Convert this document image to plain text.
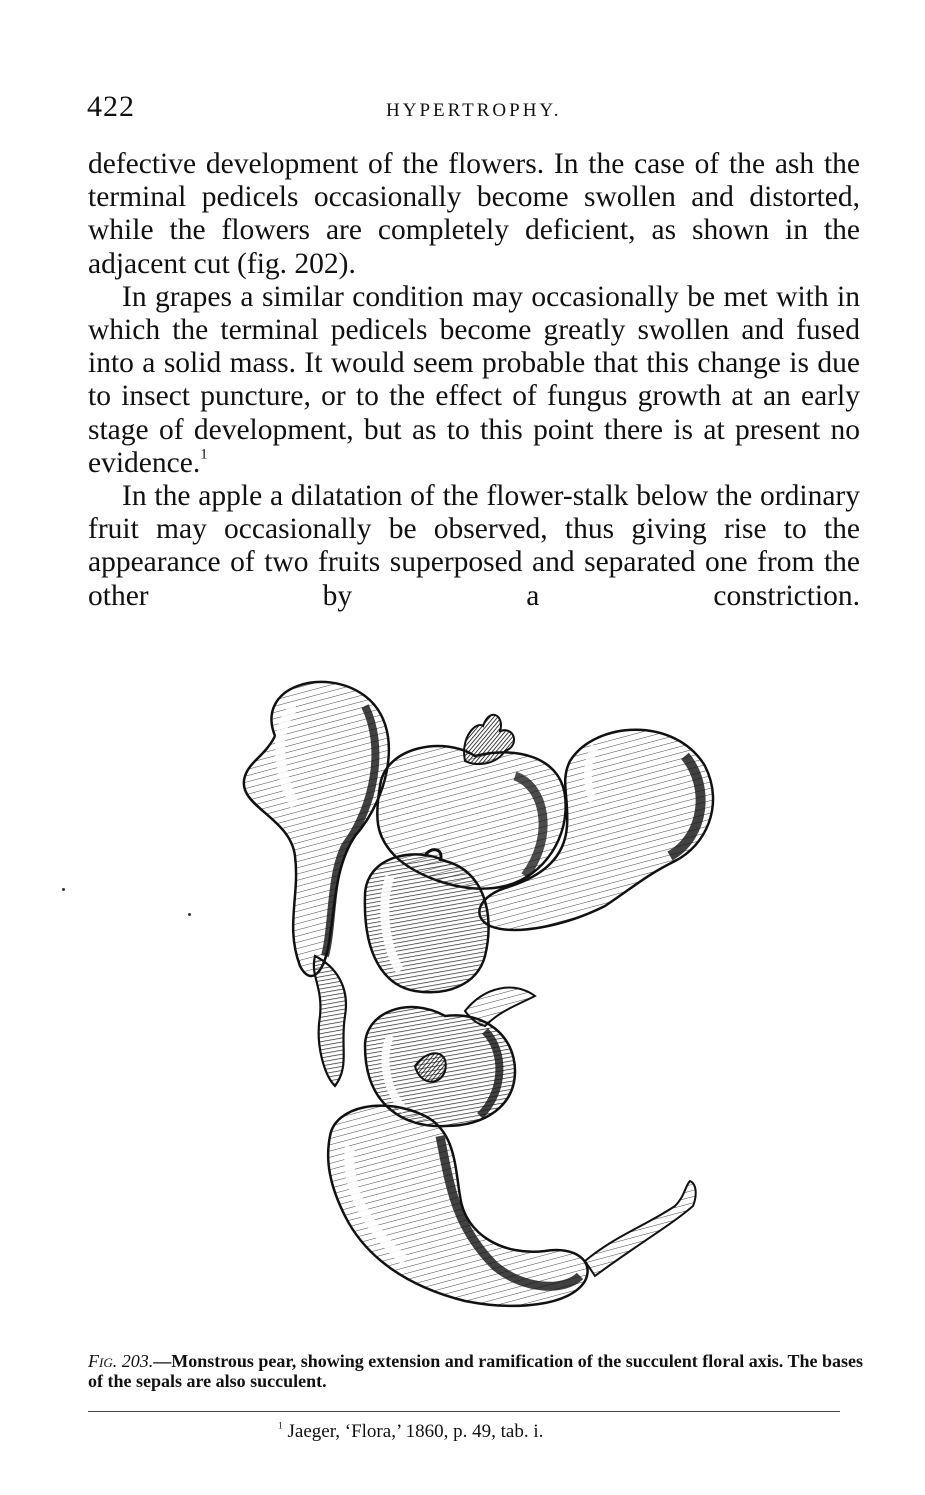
422	HYPERTROPHY.

defective development of the flowers. In the case of the ash the terminal pedicels occasionally become swollen and distorted, while the flowers are completely deficient, as shown in the adjacent cut (fig. 202).

In grapes a similar condition may occasionally be met with in which the terminal pedicels become greatly swollen and fused into a solid mass. It would seem probable that this change is due to insect puncture, or to the effect of fungus growth at an early stage of development, but as to this point there is at present no evidence.$^1$

In the apple a dilatation of the flower-stalk below the ordinary fruit may occasionally be observed, thus giving rise to the appearance of two fruits superposed and separated one from the other by a constriction.

Fig. 203.—Monstrous pear, showing extension and ramification of the succulent floral axis. The bases of the sepals are also succulent.
$^1$ Jaeger, ‘Flora,’ 1860, p. 49, tab. i.
